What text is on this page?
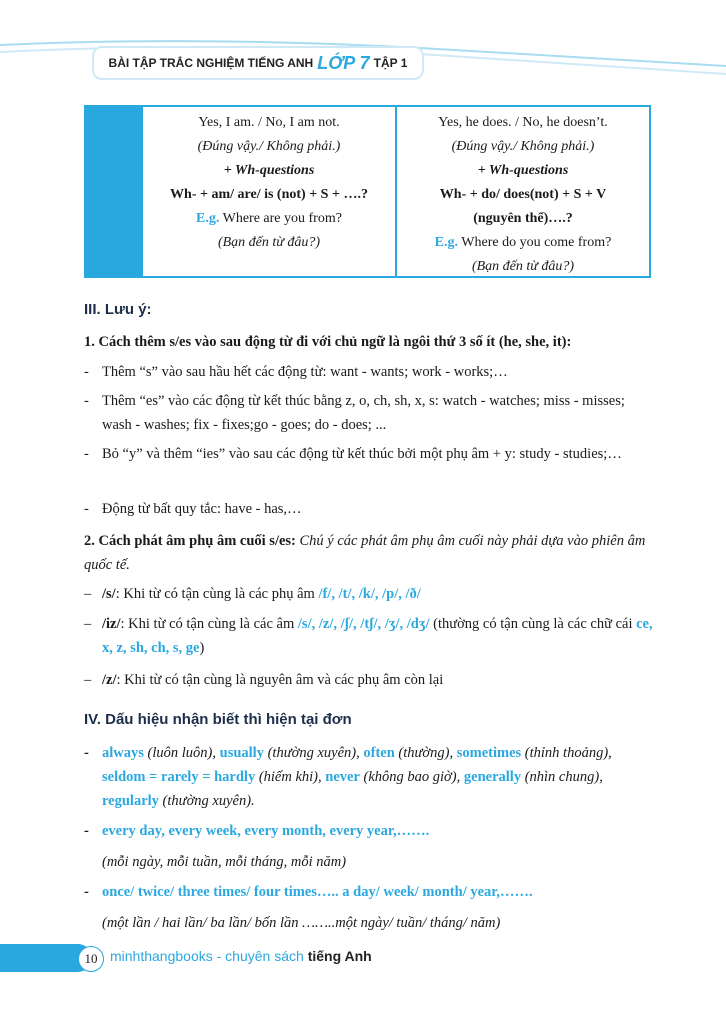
BÀI TẬP TRẮC NGHIỆM TIẾNG ANH LỚP 7 TẬP 1
Yes, I am. / No, I am not.
(Đúng vậy./ Không phải.)
+ Wh-questions
Wh- + am/ are/ is (not) + S + ….?
E.g. Where are you from?
(Bạn đến từ đâu?)
Yes, he does. / No, he doesn’t.
(Đúng vậy./ Không phải.)
+ Wh-questions
Wh- + do/ does(not) + S + V
(nguyên thể)….?
E.g. Where do you come from?
(Bạn đến từ đâu?)
III. Lưu ý:
1. Cách thêm s/es vào sau động từ đi với chủ ngữ là ngôi thứ 3 số ít (he, she, it):
- Thêm “s” vào sau hầu hết các động từ: want - wants; work - works;…
- Thêm “es” vào các động từ kết thúc bằng z, o, ch, sh, x, s: watch - watches; miss - misses; wash - washes; fix - fixes;go - goes; do - does; ...
- Bỏ “y” và thêm “ies” vào sau các động từ kết thúc bởi một phụ âm + y: study - studies;…
- Động từ bất quy tắc: have - has,…
2. Cách phát âm phụ âm cuối s/es: Chú ý các phát âm phụ âm cuối này phải dựa vào phiên âm quốc tế.
– /s/: Khi từ có tận cùng là các phụ âm /f/, /t/, /k/, /p/, /ð/
– /iz/: Khi từ có tận cùng là các âm /s/, /z/, /ʃ/, /tʃ/, /ʒ/, /dʒ/ (thường có tận cùng là các chữ cái ce, x, z, sh, ch, s, ge)
– /z/: Khi từ có tận cùng là nguyên âm và các phụ âm còn lại
IV. Dấu hiệu nhận biết thì hiện tại đơn
- always (luôn luôn), usually (thường xuyên), often (thường), sometimes (thỉnh thoảng), seldom = rarely = hardly (hiếm khi), never (không bao giờ), generally (nhìn chung), regularly (thường xuyên).
- every day, every week, every month, every year,…….
(mỗi ngày, mỗi tuần, mỗi tháng, mỗi năm)
- once/ twice/ three times/ four times….. a day/ week/ month/ year,…….
(một lần / hai lần/ ba lần/ bốn lần ……..một ngày/ tuần/ tháng/ năm)
10 minhthangbooks - chuyên sách tiếng Anh
